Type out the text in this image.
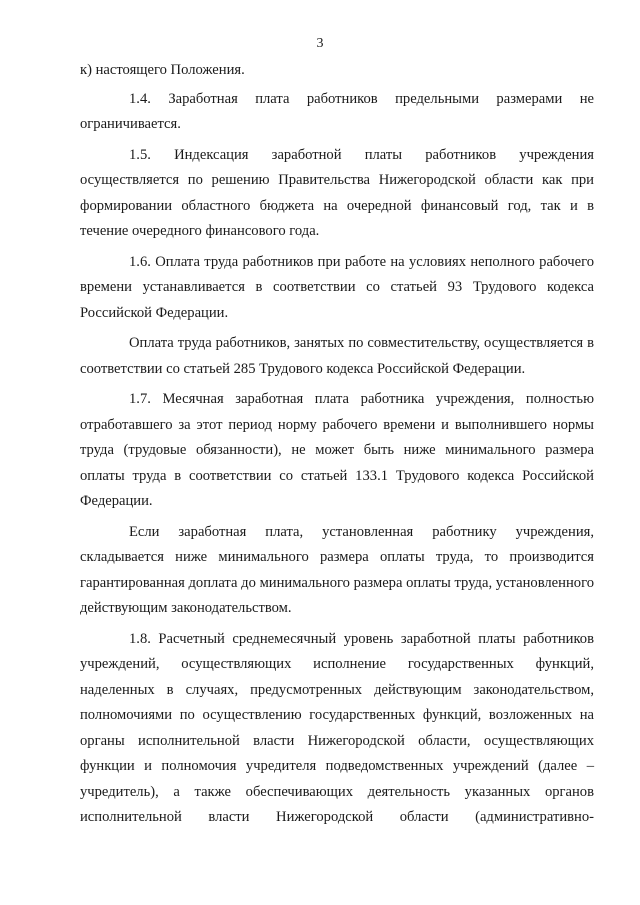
3

к) настоящего Положения.

1.4. Заработная плата работников предельными размерами не ограничивается.

1.5. Индексация заработной платы работников учреждения осуществляется по решению Правительства Нижегородской области как при формировании областного бюджета на очередной финансовый год, так и в течение очередного финансового года.

1.6. Оплата труда работников при работе на условиях неполного рабочего времени устанавливается в соответствии со статьей 93 Трудового кодекса Российской Федерации.

Оплата труда работников, занятых по совместительству, осуществляется в соответствии со статьей 285 Трудового кодекса Российской Федерации.

1.7. Месячная заработная плата работника учреждения, полностью отработавшего за этот период норму рабочего времени и выполнившего нормы труда (трудовые обязанности), не может быть ниже минимального размера оплаты труда в соответствии со статьей 133.1 Трудового кодекса Российской Федерации.

Если заработная плата, установленная работнику учреждения, складывается ниже минимального размера оплаты труда, то производится гарантированная доплата до минимального размера оплаты труда, установленного действующим законодательством.

1.8. Расчетный среднемесячный уровень заработной платы работников учреждений, осуществляющих исполнение государственных функций, наделенных в случаях, предусмотренных действующим законодательством, полномочиями по осуществлению государственных функций, возложенных на органы исполнительной власти Нижегородской области, осуществляющих функции и полномочия учредителя подведомственных учреждений (далее – учредитель), а также обеспечивающих деятельность указанных органов исполнительной власти Нижегородской области (административно-
